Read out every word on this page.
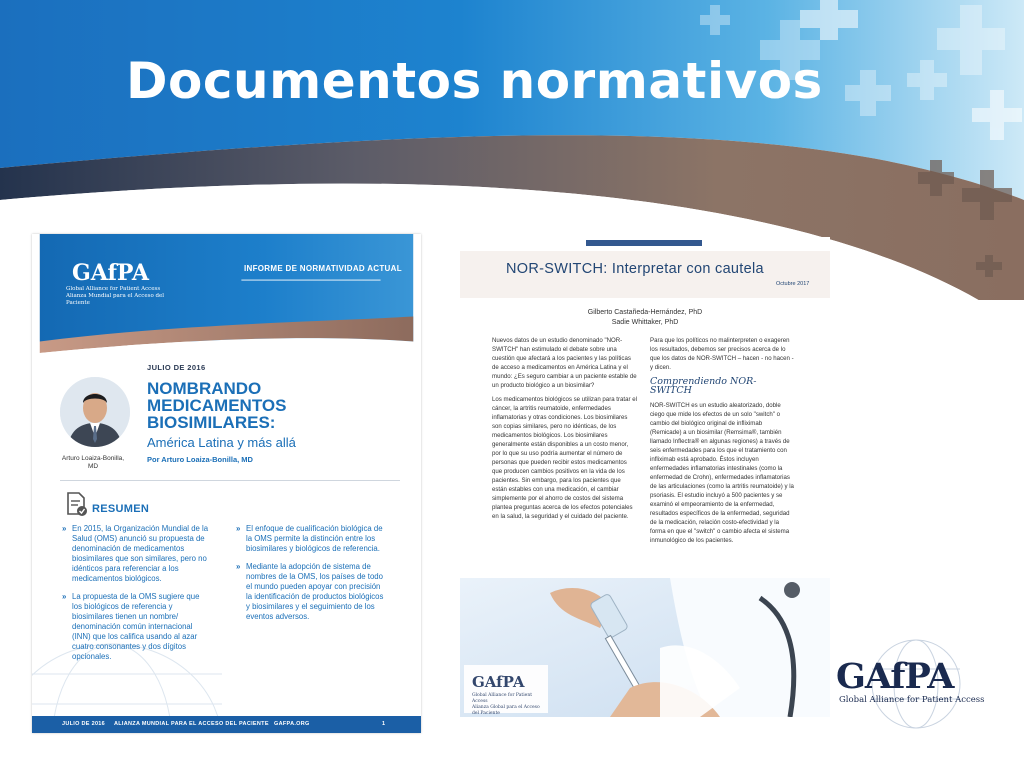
Documentos normativos
GAfPA
Global Alliance for Patient Access
Alianza Mundial para el Acceso del Paciente
INFORME DE NORMATIVIDAD ACTUAL
JULIO DE 2016
Arturo Loaiza-Bonilla, MD
NOMBRANDO
MEDICAMENTOS
BIOSIMILARES:
América Latina y más allá
Por Arturo Loaiza-Bonilla, MD
RESUMEN
» En 2015, la Organización Mundial de la Salud (OMS) anunció su propuesta de denominación de medicamentos biosimilares que son similares, pero no idénticos para referenciar a los medicamentos biológicos.
» La propuesta de la OMS sugiere que los biológicos de referencia y biosimilares tienen un nombre/ denominación común internacional (INN) que los califica usando al azar cuatro consonantes y dos dígitos opcionales.
» El enfoque de cualificación biológica de la OMS permite la distinción entre los biosimilares y biológicos de referencia.
» Mediante la adopción de sistema de nombres de la OMS, los países de todo el mundo pueden apoyar con precisión la identificación de productos biológicos y biosimilares y el seguimiento de los eventos adversos.
JULIO DE 2016 ALIANZA MUNDIAL PARA EL ACCESO DEL PACIENTE GAFPA.ORG	1
NOR-SWITCH: Interpretar con cautela
Octubre 2017
Gilberto Castañeda-Hernández, PhD
Sadie Whittaker, PhD

Nuevos datos de un estudio denominado "NOR-SWITCH" han estimulado el debate sobre una cuestión que afectará a los pacientes y las políticas de acceso a medicamentos en América Latina y el mundo: ¿Es seguro cambiar a un paciente estable de un producto biológico a un biosimilar?

Los medicamentos biológicos se utilizan para tratar el cáncer, la artritis reumatoide, enfermedades inflamatorias y otras condiciones. Los biosimilares son copias similares, pero no idénticas, de los medicamentos biológicos. Los biosimilares generalmente están disponibles a un costo menor, por lo que su uso podría aumentar el número de personas que pueden recibir estos medicamentos que producen cambios positivos en la vida de los pacientes. Sin embargo, para los pacientes que están estables con una medicación, el cambiar simplemente por el ahorro de costos del sistema plantea preguntas acerca de los efectos potenciales en la salud, la seguridad y el cuidado del paciente.

Para que los políticos no malinterpreten o exageren los resultados, debemos ser precisos acerca de lo que los datos de NOR-SWITCH – hacen - no hacen - y dicen.

Comprendiendo NOR-SWITCH

NOR-SWITCH es un estudio aleatorizado, doble ciego que mide los efectos de un solo "switch" o cambio del biológico original de infliximab (Remicade) a un biosimilar (Remsima®, también llamado Inflectra® en algunas regiones) a través de seis enfermedades para los que el tratamiento con infliximab está aprobado. Éstos incluyen enfermedades inflamatorias intestinales (como la enfermedad de Crohn), enfermedades inflamatorias de las articulaciones (como la artritis reumatoide) y la psoriasis. El estudio incluyó a 500 pacientes y se examinó el empeoramiento de la enfermedad, resultados específicos de la enfermedad, seguridad de la medicación, relación costo-efectividad y la forma en que el "switch" o cambio afecta el sistema inmunológico de los pacientes.

GAfPA
Global Alliance for Patient Access
Alianza Global para el Acceso del Paciente
GAfPA
Global Alliance for Patient Access
